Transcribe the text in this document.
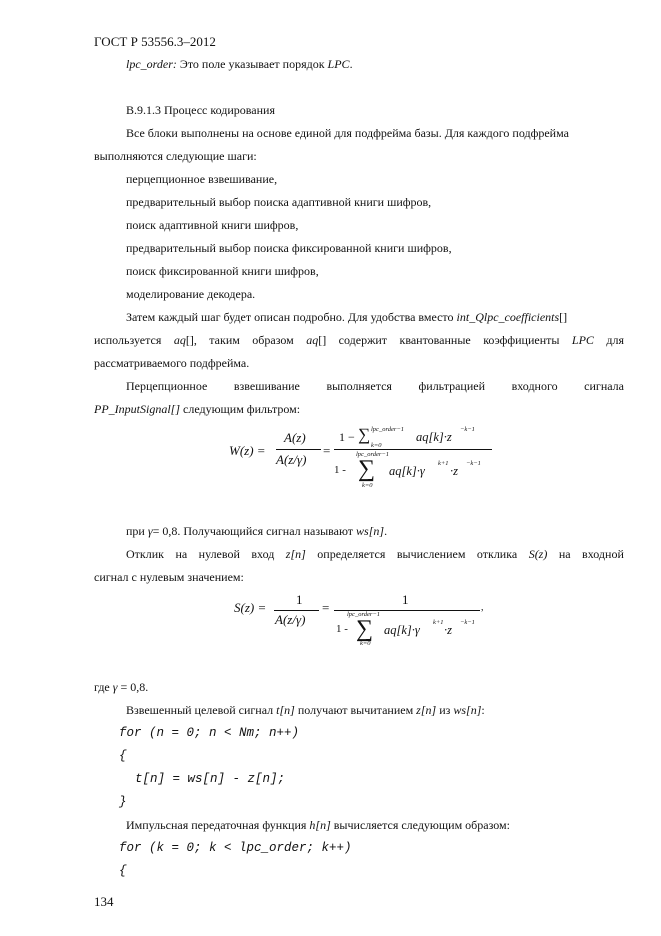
ГОСТ Р 53556.3–2012
lpc_order: Это поле указывает порядок LPC.
B.9.1.3 Процесс кодирования
Все блоки выполнены на основе единой для подфрейма базы. Для каждого подфрейма
выполняются следующие шаги:
перцепционное взвешивание,
предварительный выбор поиска адаптивной книги шифров,
поиск адаптивной книги шифров,
предварительный выбор поиска фиксированной книги шифров,
поиск фиксированной книги шифров,
моделирование декодера.
Затем каждый шаг будет описан подробно. Для удобства вместо int_Qlpc_coefficients[]
используется aq[], таким образом aq[] содержит квантованные коэффициенты LPC для
рассматриваемого подфрейма.
Перцепционное взвешивание выполняется фильтрацией входного сигнала
PP_InputSignal[] следующим фильтром:
W(z) =
A(z)
A(z/γ)
=
1 − ∑ lpc_order−1
k=0
aq[k]·z
−k−1
lpc_order−1
1 - ∑
k=0
aq[k]·γ
k+1
·z
−k−1
при γ= 0,8. Получающийся сигнал называют ws[n].
Отклик на нулевой вход z[n] определяется вычислением отклика S(z) на входной
сигнал с нулевым значением:
S(z) =
1
A(z/γ)
=
1
lpc_order−1
1 - ∑
k=0
aq[k]·γ
k+1
·z
−k−1
,
где γ = 0,8.
Взвешенный целевой сигнал t[n] получают вычитанием z[n] из ws[n]:
for (n = 0; n < Nm; n++)
{
t[n] = ws[n] - z[n];
}
Импульсная передаточная функция h[n] вычисляется следующим образом:
for (k = 0; k < lpc_order; k++)
{
134
